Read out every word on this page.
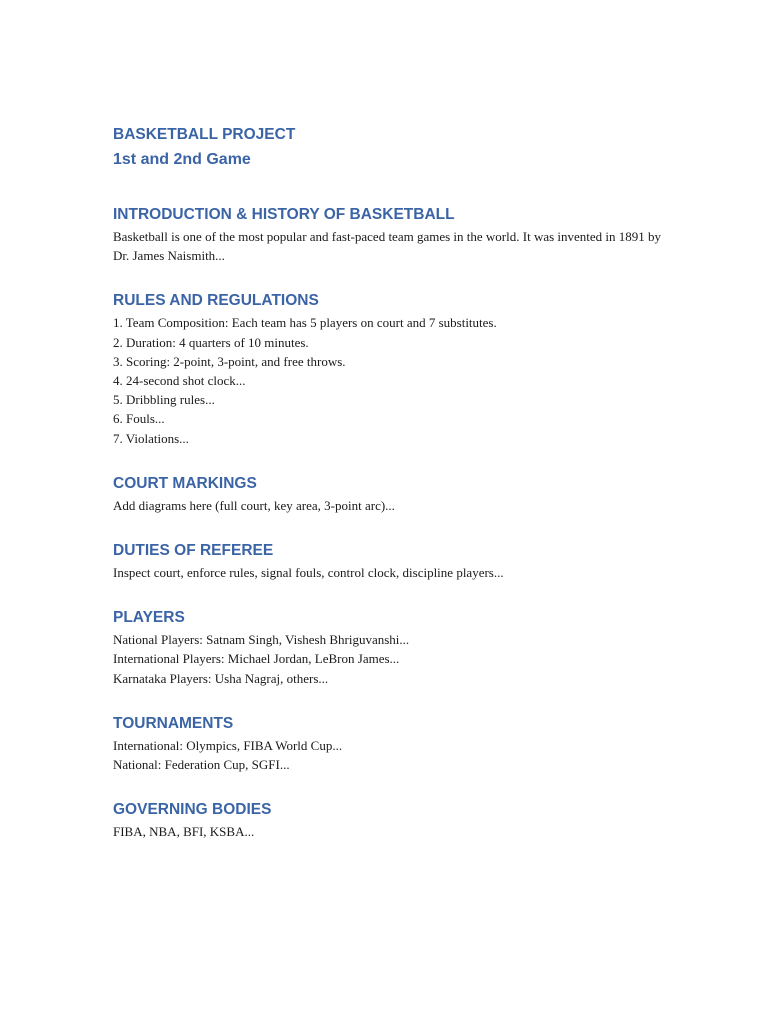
BASKETBALL PROJECT
1st and 2nd Game
INTRODUCTION & HISTORY OF BASKETBALL

Basketball is one of the most popular and fast-paced team games in the world. It was invented in 1891 by Dr. James Naismith...

RULES AND REGULATIONS
1. Team Composition: Each team has 5 players on court and 7 substitutes.
2. Duration: 4 quarters of 10 minutes.
3. Scoring: 2-point, 3-point, and free throws.
4. 24-second shot clock...
5. Dribbling rules...
6. Fouls...
7. Violations...
COURT MARKINGS

Add diagrams here (full court, key area, 3-point arc)...

DUTIES OF REFEREE

Inspect court, enforce rules, signal fouls, control clock, discipline players...

PLAYERS
National Players: Satnam Singh, Vishesh Bhriguvanshi...
International Players: Michael Jordan, LeBron James...
Karnataka Players: Usha Nagraj, others...
TOURNAMENTS
International: Olympics, FIBA World Cup...
National: Federation Cup, SGFI...
GOVERNING BODIES

FIBA, NBA, BFI, KSBA...
